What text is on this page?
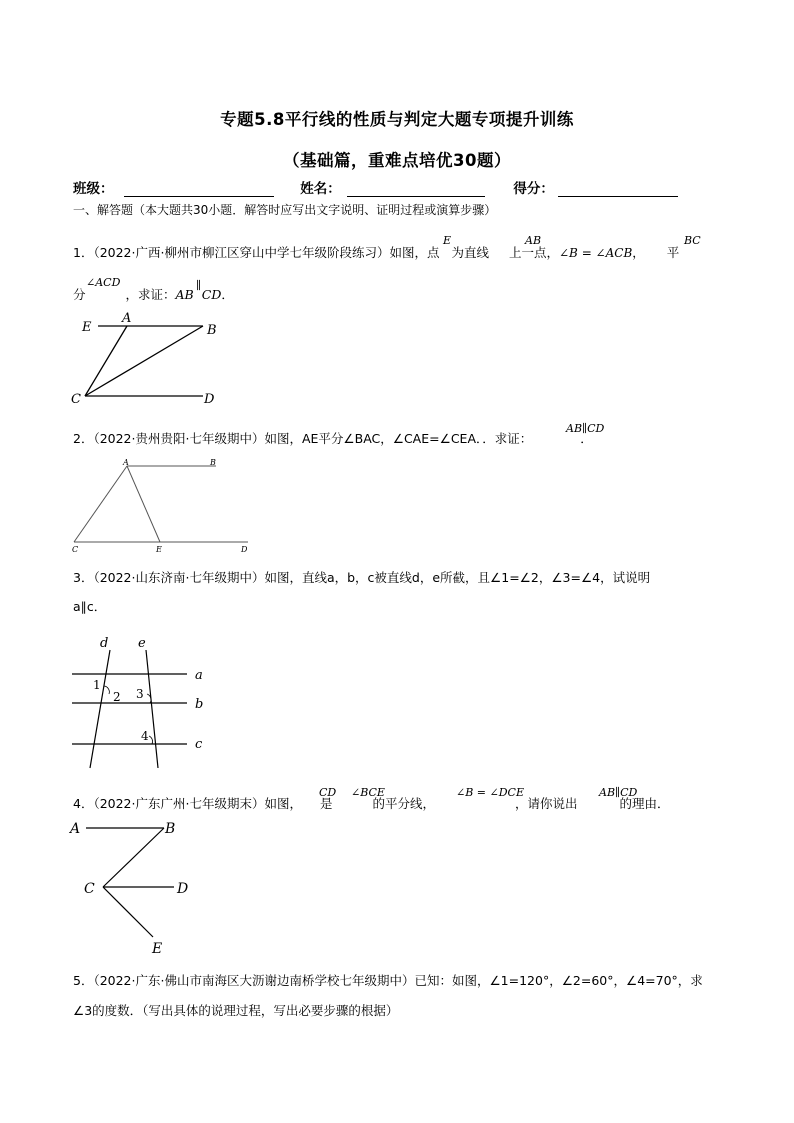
专题5.8平行线的性质与判定大题专项提升训练
（基础篇，重难点培优30题）
班级：	姓名：	得分：
一、解答题（本大题共30小题．解答时应写出文字说明、证明过程或演算步骤）
1．（2022·广西·柳州市柳江区穿山中学七年级阶段练习）如图，点 为直线 上一点，∠B = ∠ACB， 平
E	AB	BC
分	，求证：AB CD．
∠ACD	∥
E
A
B
C	D
2．（2022·贵州贵阳·七年级期中）如图，AE平分∠BAC，∠CAE=∠CEA．．求证：	．
AB∥CD
A	B
C	E	D
3．（2022·山东济南·七年级期中）如图，直线a，b，c被直线d，e所截，且∠1=∠2，∠3=∠4，试说明
a∥c．
d e
a
b
c
1
2 3
4
4．（2022·广东广州·七年级期末）如图， 是	的平分线，	，请你说出	的理由．
CD ∠BCE	∠B = ∠DCE	AB∥CD
A	B
C	D
E
5．（2022·广东·佛山市南海区大沥谢边南桥学校七年级期中）已知：如图，∠1=120°，∠2=60°，∠4=70°，求
∠3的度数．（写出具体的说理过程，写出必要步骤的根据）
